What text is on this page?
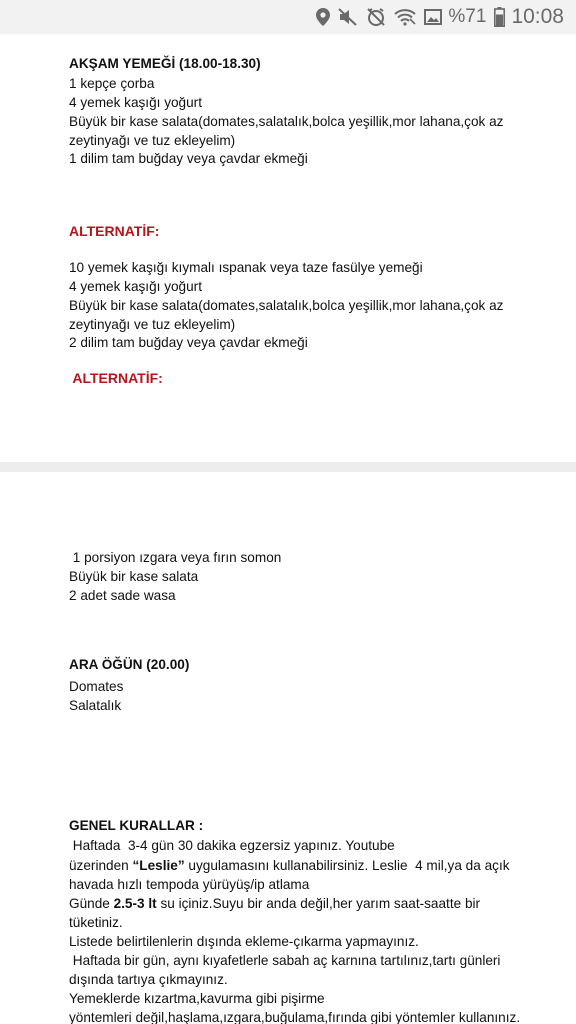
%71 10:08
AKŞAM YEMEĞİ (18.00-18.30)
1 kepçe çorba
4 yemek kaşığı yoğurt
Büyük bir kase salata(domates,salatalık,bolca yeşillik,mor lahana,çok az
zeytinyağı ve tuz ekleyelim)
1 dilim tam buğday veya çavdar ekmeği
ALTERNATİF:
10 yemek kaşığı kıymalı ıspanak veya taze fasülye yemeği
4 yemek kaşığı yoğurt
Büyük bir kase salata(domates,salatalık,bolca yeşillik,mor lahana,çok az
zeytinyağı ve tuz ekleyelim)
2 dilim tam buğday veya çavdar ekmeği
ALTERNATİF:
1 porsiyon ızgara veya fırın somon
Büyük bir kase salata
2 adet sade wasa
ARA ÖĞÜN (20.00)
Domates
Salatalık
GENEL KURALLAR :
Haftada  3-4 gün 30 dakika egzersiz yapınız. Youtube
üzerinden “Leslie” uygulamasını kullanabilirsiniz. Leslie  4 mil,ya da açık
havada hızlı tempoda yürüyüş/ip atlama
Günde 2.5-3 lt su içiniz.Suyu bir anda değil,her yarım saat-saatte bir
tüketiniz.
Listede belirtilenlerin dışında ekleme-çıkarma yapmayınız.
Haftada bir gün, aynı kıyafetlerle sabah aç karnına tartılınız,tartı günleri
dışında tartıya çıkmayınız.
Yemeklerde kızartma,kavurma gibi pişirme
yöntemleri değil,haşlama,ızgara,buğulama,fırında gibi yöntemler kullanınız.
